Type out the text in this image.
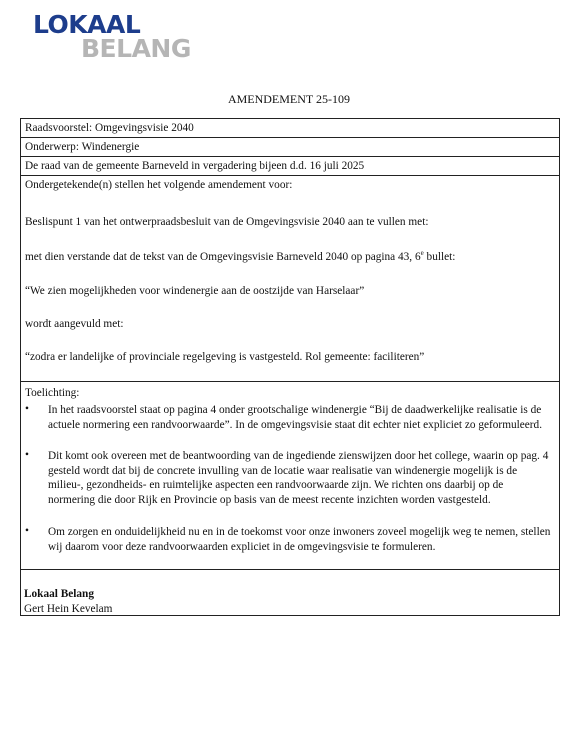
LOKAAL
BELANG
AMENDEMENT 25-109
Raadsvoorstel: Omgevingsvisie 2040
Onderwerp: Windenergie
De raad van de gemeente Barneveld in vergadering bijeen d.d. 16 juli 2025
Ondergetekende(n) stellen het volgende amendement voor:
Beslispunt 1 van het ontwerpraadsbesluit van de Omgevingsvisie 2040 aan te vullen met:
met dien verstande dat de tekst van de Omgevingsvisie Barneveld 2040 op pagina 43, 6e bullet:
“We zien mogelijkheden voor windenergie aan de oostzijde van Harselaar”
wordt aangevuld met:
“zodra er landelijke of provinciale regelgeving is vastgesteld. Rol gemeente: faciliteren”
Toelichting:
• In het raadsvoorstel staat op pagina 4 onder grootschalige windenergie “Bij de daadwerkelijke realisatie is de actuele normering een randvoorwaarde”. In de omgevingsvisie staat dit echter niet expliciet zo geformuleerd.
• Dit komt ook overeen met de beantwoording van de ingediende zienswijzen door het college, waarin op pag. 4 gesteld wordt dat bij de concrete invulling van de locatie waar realisatie van windenergie mogelijk is de milieu-, gezondheids- en ruimtelijke aspecten een randvoorwaarde zijn. We richten ons daarbij op de normering die door Rijk en Provincie op basis van de meest recente inzichten worden vastgesteld.
• Om zorgen en onduidelijkheid nu en in de toekomst voor onze inwoners zoveel mogelijk weg te nemen, stellen wij daarom voor deze randvoorwaarden expliciet in de omgevingsvisie te formuleren.
Lokaal Belang
Gert Hein Kevelam
